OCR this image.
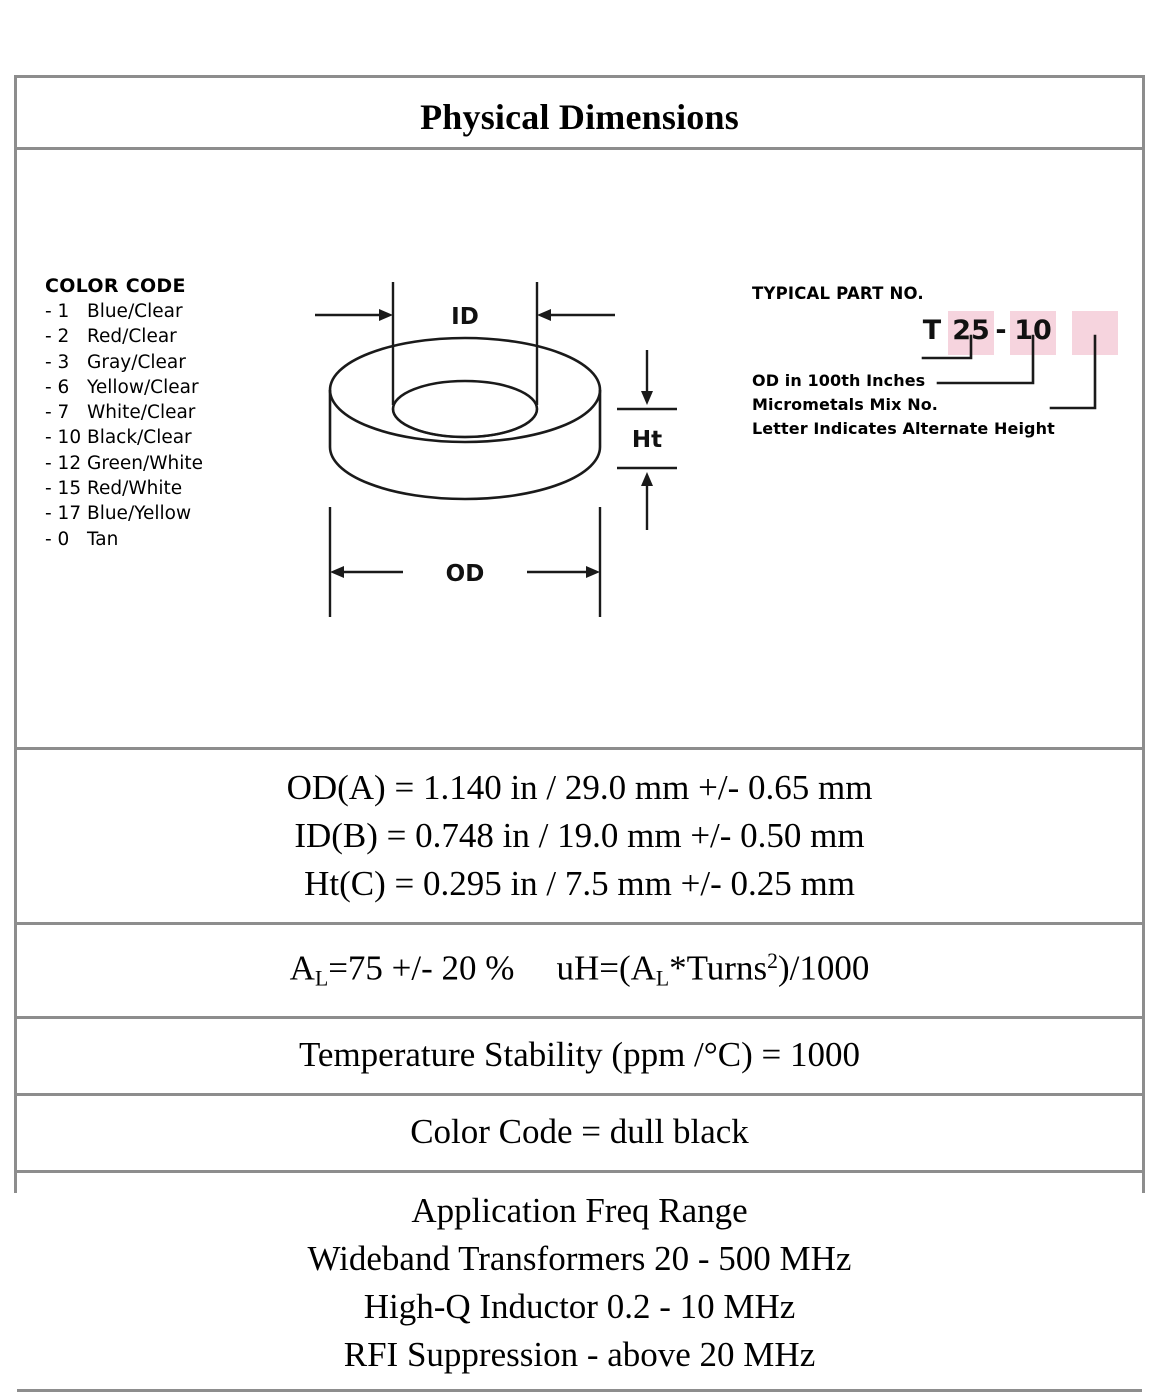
Physical Dimensions
COLOR CODE
- 1 Blue/Clear
- 2 Red/Clear
- 3 Gray/Clear
- 6 Yellow/Clear
- 7 White/Clear
- 10 Black/Clear
- 12 Green/White
- 15 Red/White
- 17 Blue/Yellow
- 0 Tan
ID
OD
Ht
TYPICAL PART NO.
T 25 - 10
OD in 100th Inches
Micrometals Mix No.
Letter Indicates Alternate Height
OD(A) = 1.140 in / 29.0 mm +/- 0.65 mm
ID(B) = 0.748 in / 19.0 mm +/- 0.50 mm
Ht(C) = 0.295 in / 7.5 mm +/- 0.25 mm
$A_L=75$ +/- 20 % $uH=(A_L*Turns^2)/1000$
Temperature Stability (ppm /°C) = 1000
Color Code = dull black
Application Freq Range
Wideband Transformers 20 - 500 MHz
High-Q Inductor 0.2 - 10 MHz
RFI Suppression - above 20 MHz
